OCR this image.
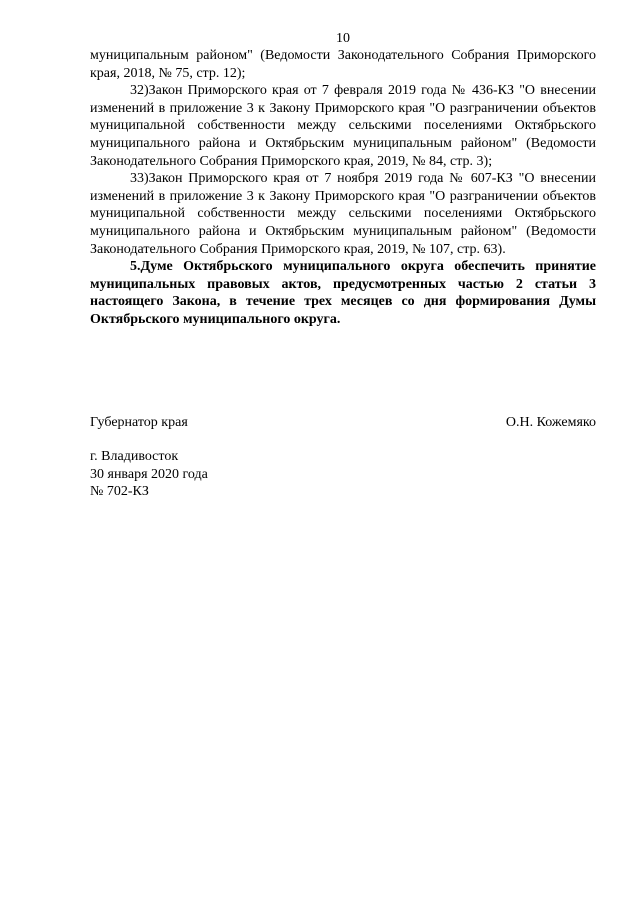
10

муниципальным районом" (Ведомости Законодательного Собрания Приморского края, 2018, № 75, стр. 12);

32)Закон Приморского края от 7 февраля 2019 года № 436-КЗ "О внесении изменений в приложение 3 к Закону Приморского края "О разграничении объектов муниципальной собственности между сельскими поселениями Октябрьского муниципального района и Октябрьским муниципальным районом" (Ведомости Законодательного Собрания Приморского края, 2019, № 84, стр. 3);

33)Закон Приморского края от 7 ноября 2019 года № 607-КЗ "О внесении изменений в приложение 3 к Закону Приморского края "О разграничении объектов муниципальной собственности между сельскими поселениями Октябрьского муниципального района и Октябрьским муниципальным районом" (Ведомости Законодательного Собрания Приморского края, 2019, № 107, стр. 63).

5.Думе Октябрьского муниципального округа обеспечить принятие муниципальных правовых актов, предусмотренных частью 2 статьи 3 настоящего Закона, в течение трех месяцев со дня формирования Думы Октябрьского муниципального округа.

Губернатор края	О.Н. Кожемяко
г. Владивосток
30 января 2020 года
№ 702-КЗ
